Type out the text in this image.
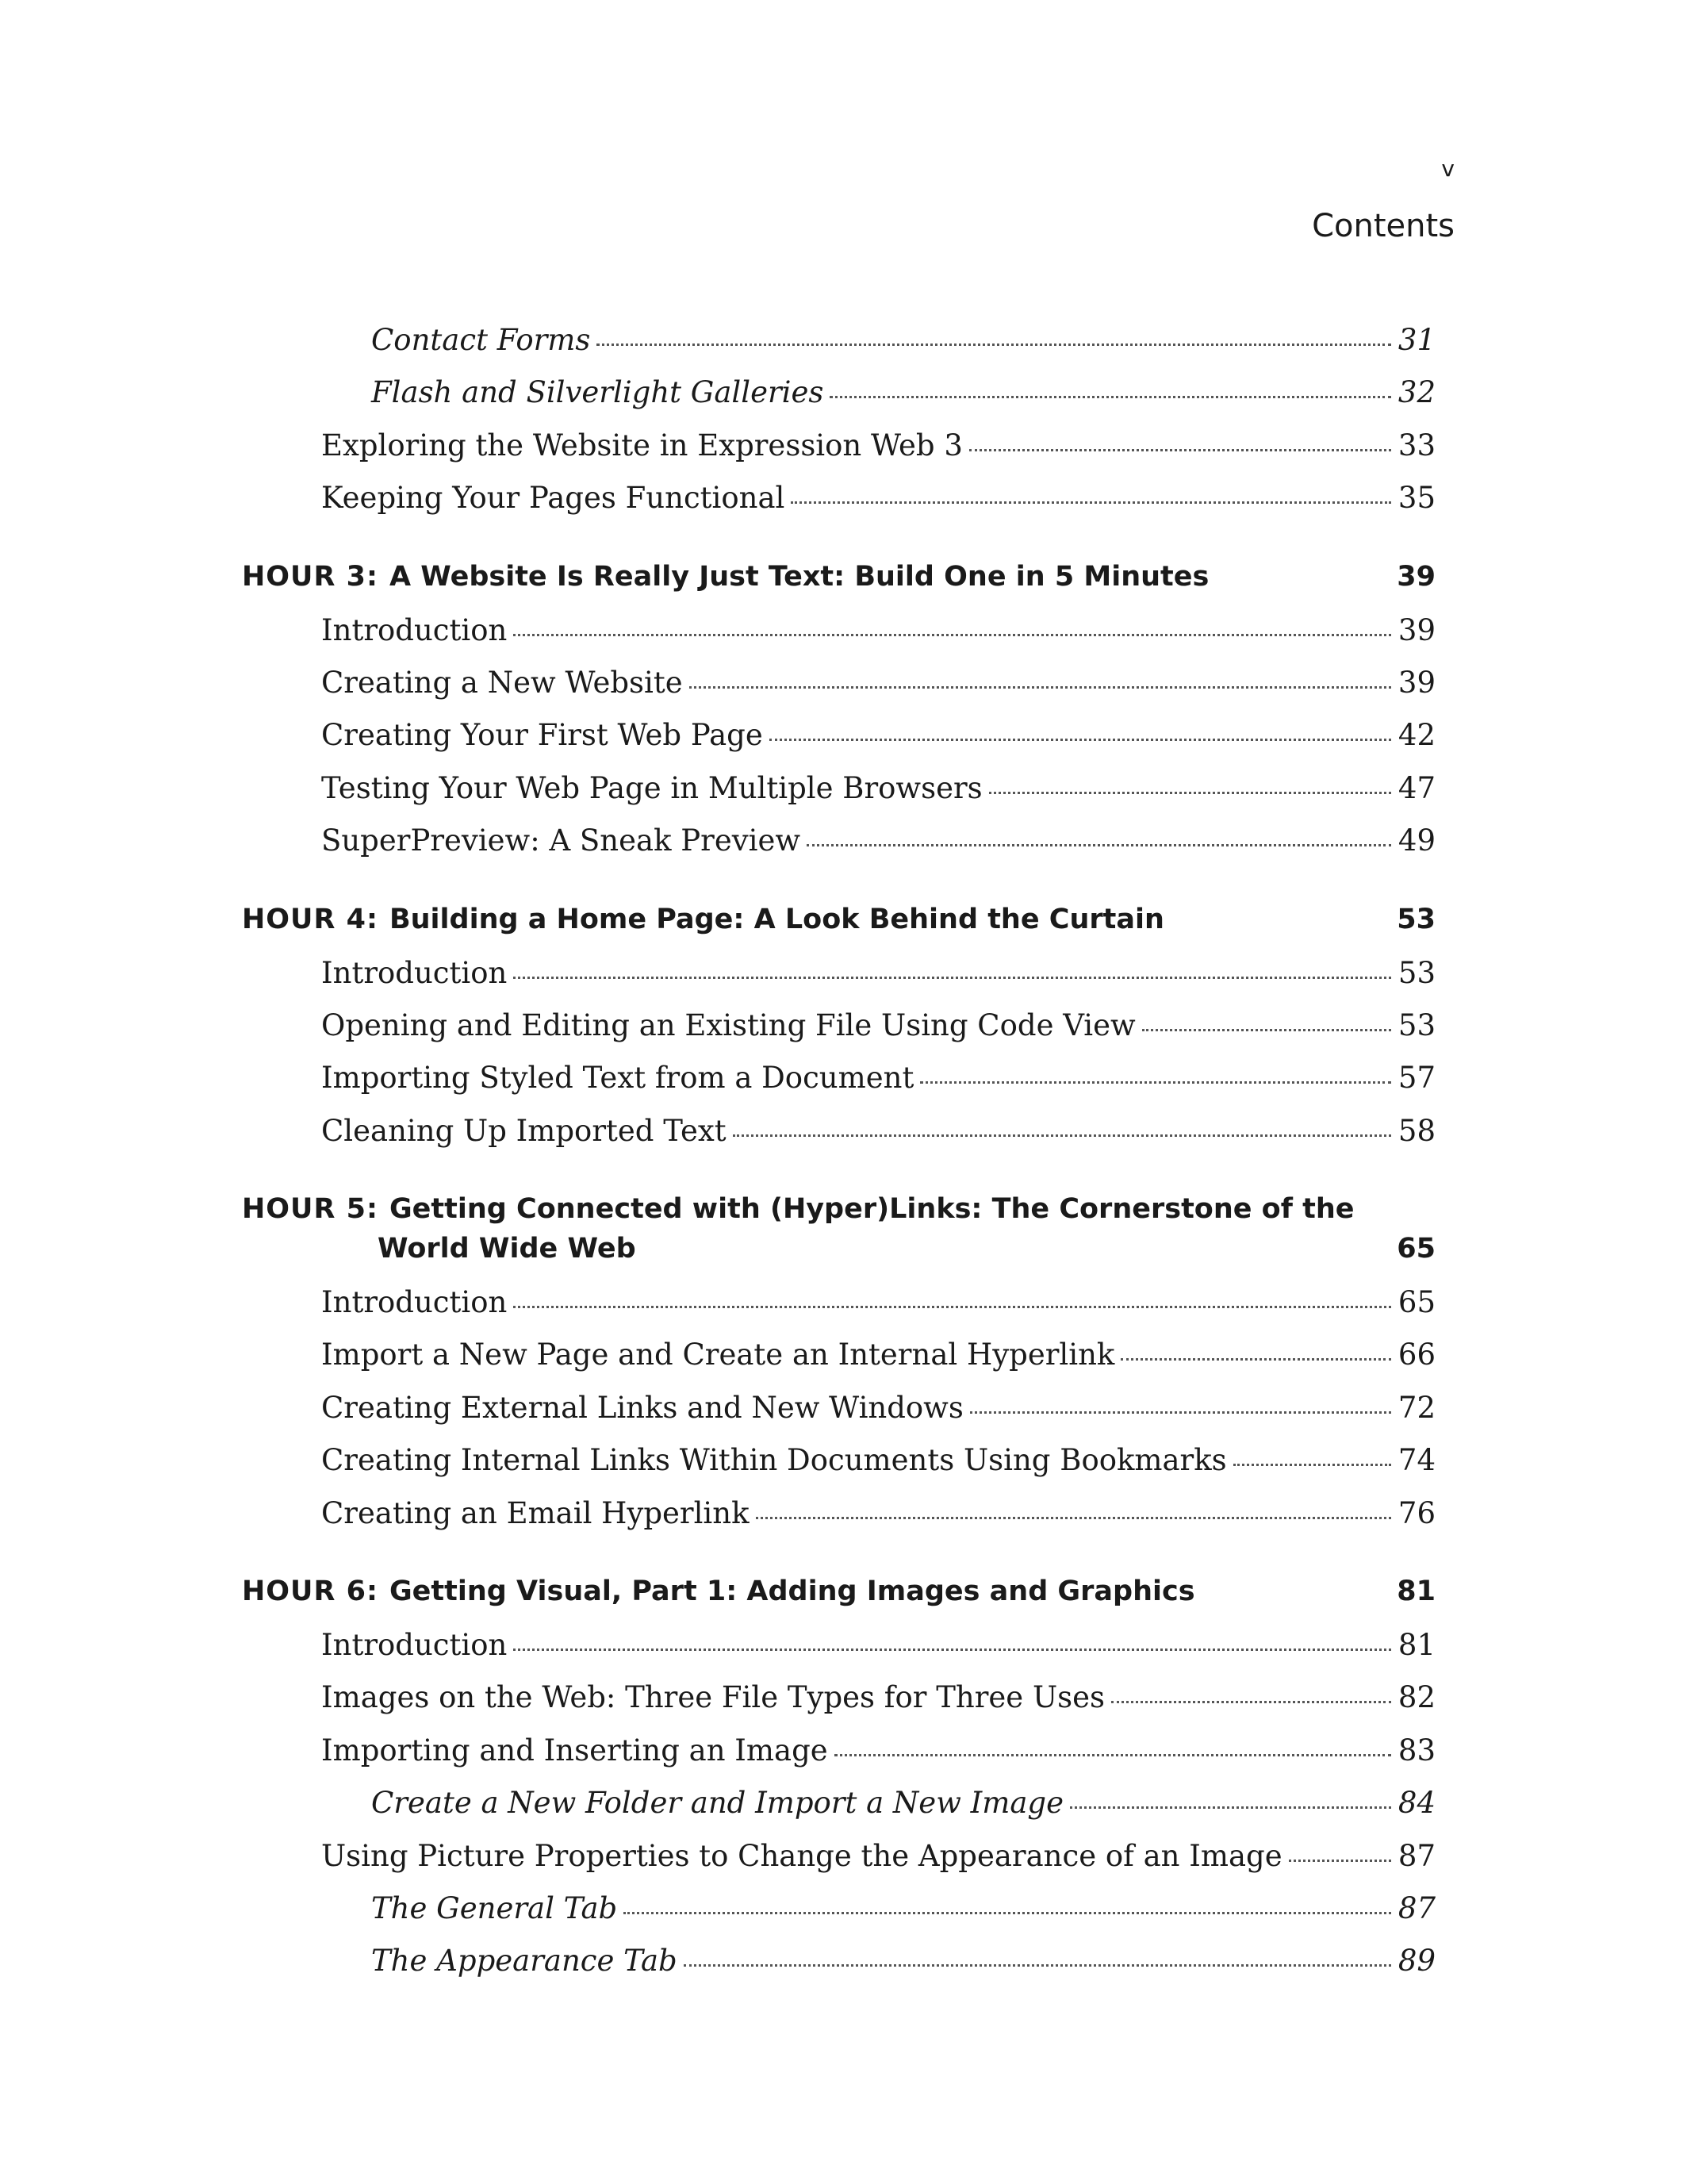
v
Contents
Contact Forms	31
Flash and Silverlight Galleries	32
Exploring the Website in Expression Web 3	33
Keeping Your Pages Functional	35
HOUR 3: A Website Is Really Just Text: Build One in 5 Minutes	39
Introduction	39
Creating a New Website	39
Creating Your First Web Page	42
Testing Your Web Page in Multiple Browsers	47
SuperPreview: A Sneak Preview	49
HOUR 4: Building a Home Page: A Look Behind the Curtain	53
Introduction	53
Opening and Editing an Existing File Using Code View	53
Importing Styled Text from a Document	57
Cleaning Up Imported Text	58
HOUR 5: Getting Connected with (Hyper)Links: The Cornerstone of the
World Wide Web	65
Introduction	65
Import a New Page and Create an Internal Hyperlink	66
Creating External Links and New Windows	72
Creating Internal Links Within Documents Using Bookmarks	74
Creating an Email Hyperlink	76
HOUR 6: Getting Visual, Part 1: Adding Images and Graphics	81
Introduction	81
Images on the Web: Three File Types for Three Uses	82
Importing and Inserting an Image	83
Create a New Folder and Import a New Image	84
Using Picture Properties to Change the Appearance of an Image	87
The General Tab	87
The Appearance Tab	89
